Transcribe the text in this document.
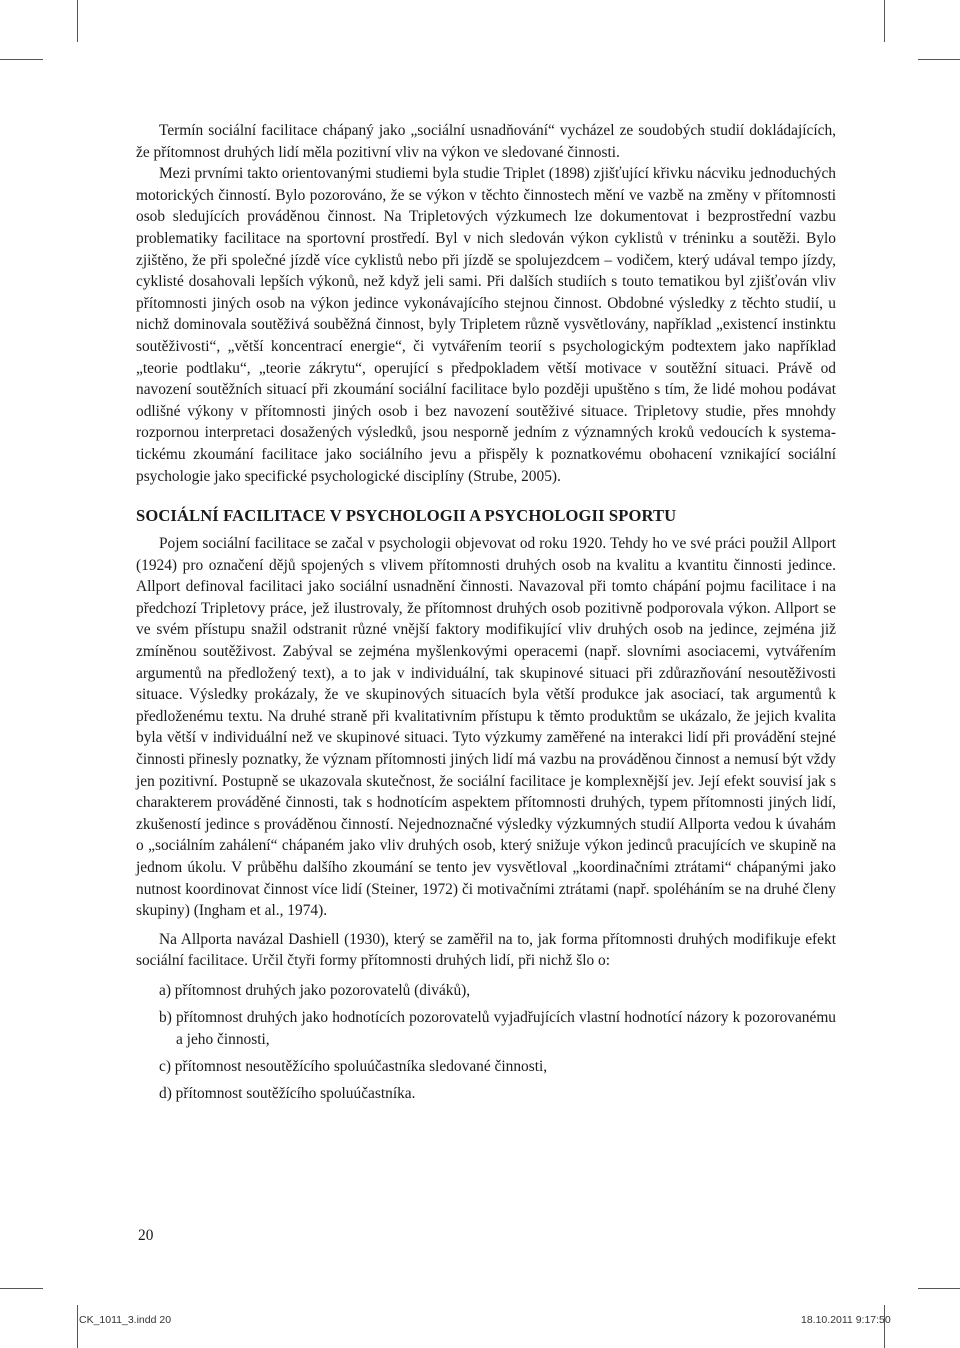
Termín sociální facilitace chápaný jako „sociální usnadňování“ vycházel ze soudobých studií dokládajících, že přítomnost druhých lidí měla pozitivní vliv na výkon ve sledované činnosti.

Mezi prvními takto orientovanými studiemi byla studie Triplet (1898) zjišťující křivku nácviku jednoduchých motorických činností. Bylo pozorováno, že se výkon v těchto činnostech mění ve vazbě na změny v přítomnosti osob sledujících prováděnou činnost. Na Tripletových výzkumech lze dokumentovat i bezprostřední vazbu problematiky facilitace na sportovní prostředí. Byl v nich sledován výkon cyklistů v tréninku a soutěži. Bylo zjištěno, že při společné jízdě více cyklistů nebo při jízdě se spolujezdcem – vodičem, který udával tempo jízdy, cyklisté dosahovali lepších výkonů, než když jeli sami. Při dalších studiích s touto tematikou byl zjišťován vliv přítomnosti jiných osob na výkon jedince vykonávajícího stejnou činnost. Obdobné výsledky z těchto studií, u nichž dominovala soutěživá souběžná činnost, byly Tripletem různě vysvětlovány, například „existencí instinktu soutěživosti“, „větší koncentrací energie“, či vytvářením teorií s psychologickým podtextem jako například „teorie podtlaku“, „teorie zákrytu“, operující s předpokladem větší motivace v soutěžní situaci. Právě od navození soutěžních situací při zkoumání sociální facilitace bylo později upuštěno s tím, že lidé mohou podávat odlišné výkony v přítomnosti jiných osob i bez navození soutěživé situace. Tripletovy studie, přes mnohdy rozpornou interpretaci dosažených výsledků, jsou nesporně jedním z významných kroků vedoucích k systematickému zkoumání facilitace jako sociálního jevu a přispěly k poznatkovému obohacení vznikající sociální psychologie jako specifické psychologické disciplíny (Strube, 2005).

SOCIÁLNÍ FACILITACE V PSYCHOLOGII A PSYCHOLOGII SPORTU

Pojem sociální facilitace se začal v psychologii objevovat od roku 1920. Tehdy ho ve své práci použil Allport (1924) pro označení dějů spojených s vlivem přítomnosti druhých osob na kvalitu a kvantitu činnosti jedince. Allport definoval facilitaci jako sociální usnadnění činnosti. Navazoval při tomto chápání pojmu facilitace i na předchozí Tripletovy práce, jež ilustrovaly, že přítomnost druhých osob pozitivně podporovala výkon. Allport se ve svém přístupu snažil odstranit různé vnější faktory modifikující vliv druhých osob na jedince, zejména již zmíněnou soutěživost. Zabýval se zejména myšlenkovými operacemi (např. slovními asociacemi, vytvářením argumentů na předložený text), a to jak v individuální, tak skupinové situaci při zdůrazňování nesoutěživosti situace. Výsledky prokázaly, že ve skupinových situacích byla větší produkce jak asociací, tak argumentů k předloženému textu. Na druhé straně při kvalitativním přístupu k těmto produktům se ukázalo, že jejich kvalita byla větší v individuální než ve skupinové situaci. Tyto výzkumy zaměřené na interakci lidí při provádění stejné činnosti přinesly poznatky, že význam přítomnosti jiných lidí má vazbu na prováděnou činnost a nemusí být vždy jen pozitivní. Postupně se ukazovala skutečnost, že sociální facilitace je komplexnější jev. Její efekt souvisí jak s charakterem prováděné činnosti, tak s hodnotícím aspektem přítomnosti druhých, typem přítomnosti jiných lidí, zkušeností jedince s prováděnou činností. Nejednoznačné výsledky výzkumných studií Allporta vedou k úvahám o „sociálním zahálení“ chápaném jako vliv druhých osob, který snižuje výkon jedinců pracujících ve skupině na jednom úkolu. V průběhu dalšího zkoumání se tento jev vysvětloval „koordinačními ztrátami“ chápanými jako nutnost koordinovat činnost více lidí (Steiner, 1972) či motivačními ztrátami (např. spoléháním se na druhé členy skupiny) (Ingham et al., 1974).

Na Allporta navázal Dashiell (1930), který se zaměřil na to, jak forma přítomnosti druhých modifikuje efekt sociální facilitace. Určil čtyři formy přítomnosti druhých lidí, při nichž šlo o:

a) přítomnost druhých jako pozorovatelů (diváků),
b) přítomnost druhých jako hodnotících pozorovatelů vyjadřujících vlastní hodnotící názory k pozorovanému a jeho činnosti,
c) přítomnost nesoutěžícího spoluúčastníka sledované činnosti,
d) přítomnost soutěžícího spoluúčastníka.
20
CK_1011_3.indd 20	18.10.2011 9:17:50
